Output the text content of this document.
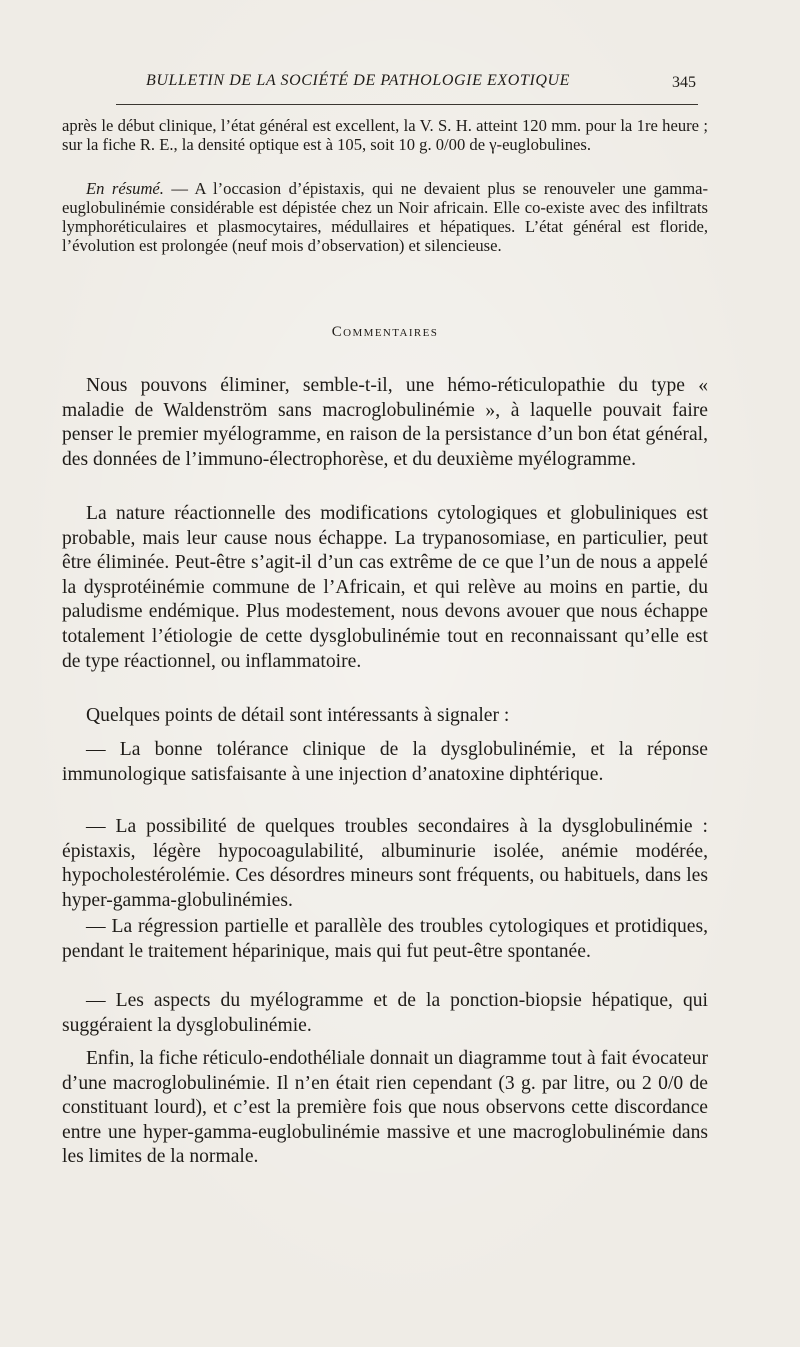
BULLETIN DE LA SOCIÉTÉ DE PATHOLOGIE EXOTIQUE	345

après le début clinique, l’état général est excellent, la V. S. H. atteint 120 mm. pour la 1re heure ; sur la fiche R. E., la densité optique est à 105, soit 10 g. 0/00 de γ-euglobulines.

En résumé. — A l’occasion d’épistaxis, qui ne devaient plus se renouveler une gamma-euglobulinémie considérable est dépistée chez un Noir africain. Elle co-existe avec des infiltrats lymphoréticulaires et plasmocytaires, médullaires et hépatiques. L’état général est floride, l’évolution est prolongée (neuf mois d’observation) et silencieuse.

Commentaires

Nous pouvons éliminer, semble-t-il, une hémo-réticulopathie du type « maladie de Waldenström sans macroglobulinémie », à laquelle pouvait faire penser le premier myélogramme, en raison de la persistance d’un bon état général, des données de l’immuno-électrophorèse, et du deuxième myélogramme.

La nature réactionnelle des modifications cytologiques et globuliniques est probable, mais leur cause nous échappe. La trypanosomiase, en particulier, peut être éliminée. Peut-être s’agit-il d’un cas extrême de ce que l’un de nous a appelé la dysprotéinémie commune de l’Africain, et qui relève au moins en partie, du paludisme endémique. Plus modestement, nous devons avouer que nous échappe totalement l’étiologie de cette dysglobulinémie tout en reconnaissant qu’elle est de type réactionnel, ou inflammatoire.

Quelques points de détail sont intéressants à signaler :

— La bonne tolérance clinique de la dysglobulinémie, et la réponse immunologique satisfaisante à une injection d’anatoxine diphtérique.

— La possibilité de quelques troubles secondaires à la dysglobulinémie : épistaxis, légère hypocoagulabilité, albuminurie isolée, anémie modérée, hypocholestérolémie. Ces désordres mineurs sont fréquents, ou habituels, dans les hyper-gamma-globulinémies.

— La régression partielle et parallèle des troubles cytologiques et protidiques, pendant le traitement héparinique, mais qui fut peut-être spontanée.

— Les aspects du myélogramme et de la ponction-biopsie hépatique, qui suggéraient la dysglobulinémie.

Enfin, la fiche réticulo-endothéliale donnait un diagramme tout à fait évocateur d’une macroglobulinémie. Il n’en était rien cependant (3 g. par litre, ou 2 0/0 de constituant lourd), et c’est la première fois que nous observons cette discordance entre une hyper-gamma-euglobulinémie massive et une macroglobulinémie dans les limites de la normale.
